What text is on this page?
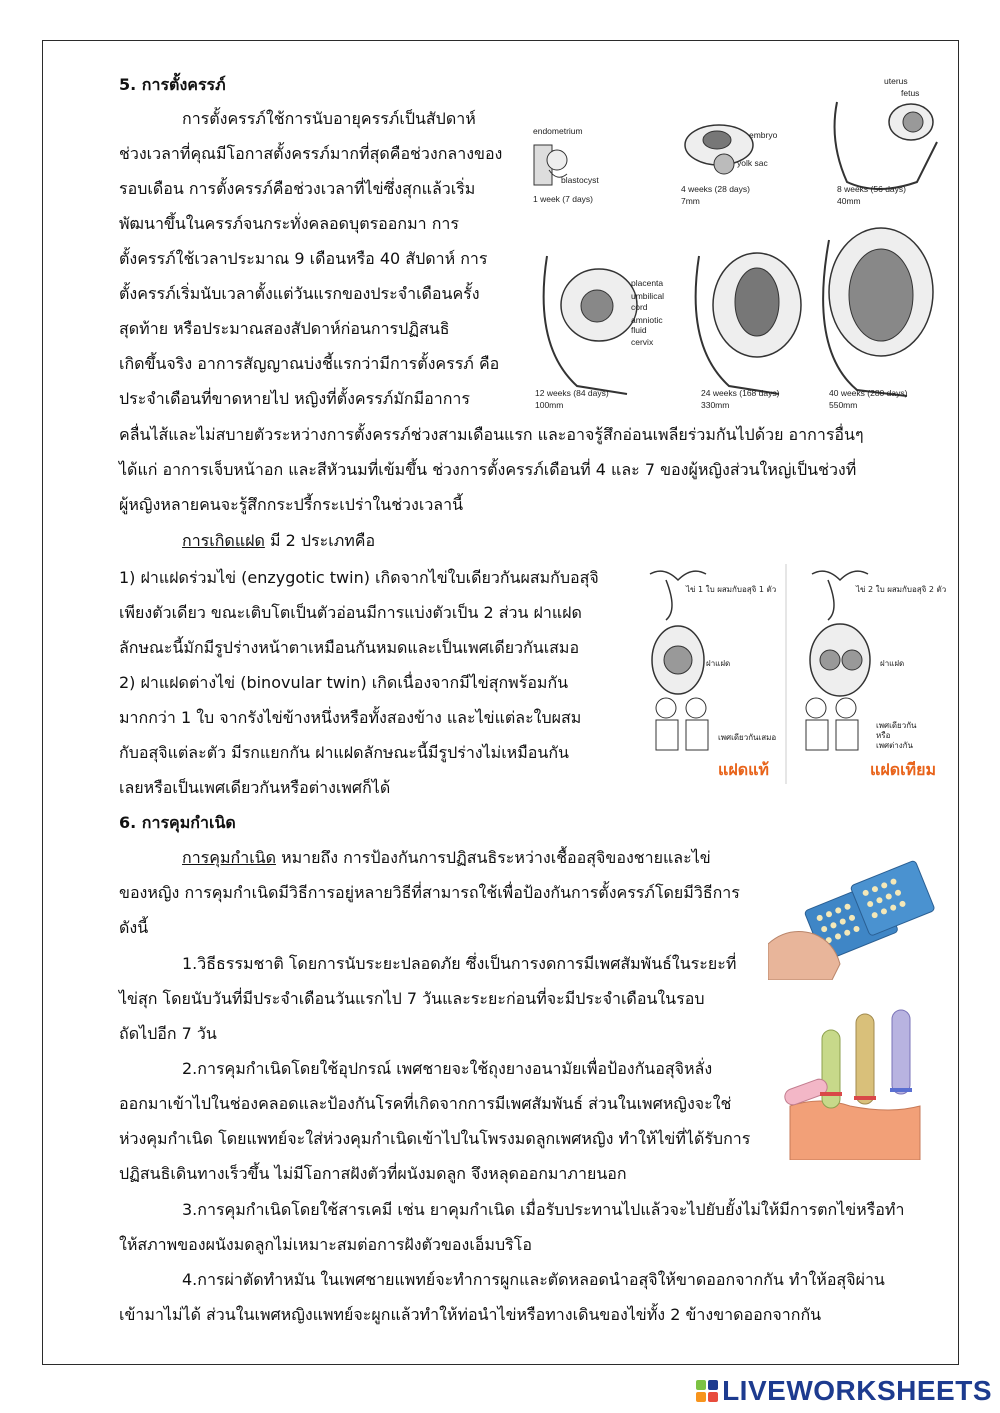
5. การตั้งครรภ์
การตั้งครรภ์ใช้การนับอายุครรภ์เป็นสัปดาห์
ช่วงเวลาที่คุณมีโอกาสตั้งครรภ์มากที่สุดคือช่วงกลางของ
รอบเดือน การตั้งครรภ์คือช่วงเวลาที่ไข่ซึ่งสุกแล้วเริ่ม
พัฒนาขึ้นในครรภ์จนกระทั่งคลอดบุตรออกมา การ
ตั้งครรภ์ใช้เวลาประมาณ 9 เดือนหรือ 40 สัปดาห์ การ
ตั้งครรภ์เริ่มนับเวลาตั้งแต่วันแรกของประจำเดือนครั้ง
สุดท้าย หรือประมาณสองสัปดาห์ก่อนการปฏิสนธิ
เกิดขึ้นจริง อาการสัญญาณบ่งชี้แรกว่ามีการตั้งครรภ์ คือ
ประจำเดือนที่ขาดหายไป หญิงที่ตั้งครรภ์มักมีอาการ
คลื่นไส้และไม่สบายตัวระหว่างการตั้งครรภ์ช่วงสามเดือนแรก และอาจรู้สึกอ่อนเพลียร่วมกันไปด้วย อาการอื่นๆ
ได้แก่ อาการเจ็บหน้าอก และสีหัวนมที่เข้มขึ้น ช่วงการตั้งครรภ์เดือนที่ 4 และ 7 ของผู้หญิงส่วนใหญ่เป็นช่วงที่
ผู้หญิงหลายคนจะรู้สึกกระปรี้กระเปร่าในช่วงเวลานี้
การเกิดแฝด มี 2 ประเภทคือ
1) ฝาแฝดร่วมไข่ (enzygotic twin) เกิดจากไข่ใบเดียวกันผสมกับอสุจิ
เพียงตัวเดียว ขณะเติบโตเป็นตัวอ่อนมีการแบ่งตัวเป็น 2 ส่วน ฝาแฝด
ลักษณะนี้มักมีรูปร่างหน้าตาเหมือนกันหมดและเป็นเพศเดียวกันเสมอ
2) ฝาแฝดต่างไข่ (binovular twin) เกิดเนื่องจากมีไข่สุกพร้อมกัน
มากกว่า 1 ใบ จากรังไข่ข้างหนึ่งหรือทั้งสองข้าง และไข่แต่ละใบผสม
กับอสุจิแต่ละตัว มีรกแยกกัน ฝาแฝดลักษณะนี้มีรูปร่างไม่เหมือนกัน
เลยหรือเป็นเพศเดียวกันหรือต่างเพศก็ได้
6. การคุมกำเนิด
การคุมกำเนิด หมายถึง การป้องกันการปฏิสนธิระหว่างเชื้ออสุจิของชายและไข่
ของหญิง การคุมกำเนิดมีวิธีการอยู่หลายวิธีที่สามารถใช้เพื่อป้องกันการตั้งครรภ์โดยมีวิธีการ
ดังนี้
1.วิธีธรรมชาติ โดยการนับระยะปลอดภัย ซึ่งเป็นการงดการมีเพศสัมพันธ์ในระยะที่
ไข่สุก โดยนับวันที่มีประจำเดือนวันแรกไป 7 วันและระยะก่อนที่จะมีประจำเดือนในรอบ
ถัดไปอีก 7 วัน
2.การคุมกำเนิดโดยใช้อุปกรณ์ เพศชายจะใช้ถุงยางอนามัยเพื่อป้องกันอสุจิหลั่ง
ออกมาเข้าไปในช่องคลอดและป้องกันโรคที่เกิดจากการมีเพศสัมพันธ์ ส่วนในเพศหญิงจะใช่
ห่วงคุมกำเนิด โดยแพทย์จะใส่ห่วงคุมกำเนิดเข้าไปในโพรงมดลูกเพศหญิง ทำให้ไข่ที่ได้รับการ
ปฏิสนธิเดินทางเร็วขึ้น ไม่มีโอกาสฝังตัวที่ผนังมดลูก จึงหลุดออกมาภายนอก
3.การคุมกำเนิดโดยใช้สารเคมี เช่น ยาคุมกำเนิด เมื่อรับประทานไปแล้วจะไปยับยั้งไม่ให้มีการตกไข่หรือทำ
ให้สภาพของผนังมดลูกไม่เหมาะสมต่อการฝังตัวของเอ็มบริโอ
4.การผ่าตัดทำหมัน ในเพศชายแพทย์จะทำการผูกและตัดหลอดนำอสุจิให้ขาดออกจากกัน ทำให้อสุจิผ่าน
เข้ามาไม่ได้ ส่วนในเพศหญิงแพทย์จะผูกแล้วทำให้ท่อนำไข่หรือทางเดินของไข่ทั้ง 2 ข้างขาดออกจากกัน
endometrium
blastocyst
1 week (7 days)
embryo
yolk sac
4 weeks (28 days)
7mm
uterus
fetus
8 weeks (56 days)
40mm
placenta
umbilical
cord
amniotic
fluid
cervix
12 weeks (84 days)
100mm
24 weeks (168 days)
330mm
40 weeks (280 days)
550mm
ไข่ 1 ใบ ผสมกับอสุจิ 1 ตัว
ฝาแฝด
เพศเดียวกันเสมอ
แฝดแท้
ไข่ 2 ใบ ผสมกับอสุจิ 2 ตัว
ฝาแฝด
เพศเดียวกัน
หรือ
เพศต่างกัน
แฝดเทียม
LIVEWORKSHEETS
